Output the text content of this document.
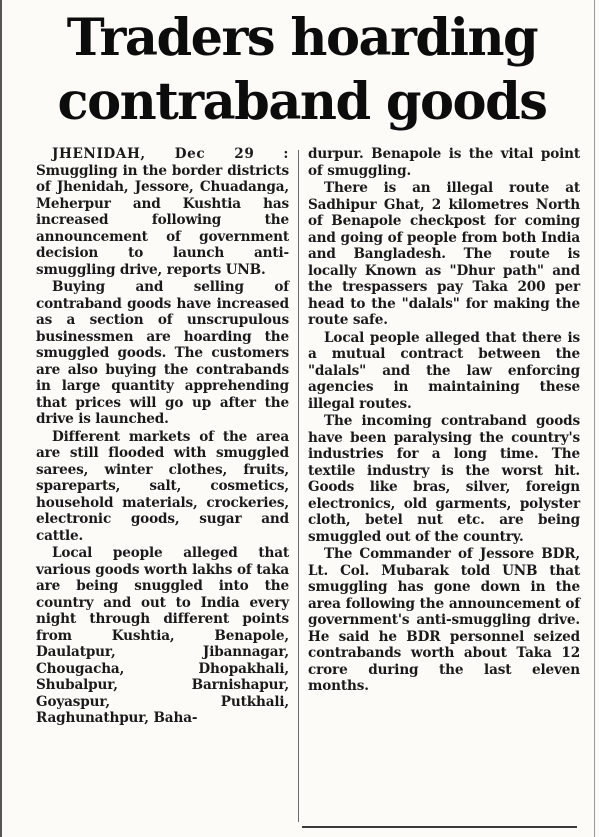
Traders hoarding
contraband goods

JHENIDAH, Dec 29 : Smuggling in the border districts of Jhenidah, Jessore, Chuadanga, Meherpur and Kushtia has increased following the announcement of government decision to launch anti-smuggling drive, reports UNB.

Buying and selling of contraband goods have increased as a section of unscrupulous businessmen are hoarding the smuggled goods. The customers are also buying the contrabands in large quantity apprehending that prices will go up after the drive is launched.

Different markets of the area are still flooded with smuggled sarees, winter clothes, fruits, spareparts, salt, cosmetics, household materials, crockeries, electronic goods, sugar and cattle.

Local people alleged that various goods worth lakhs of taka are being snuggled into the country and out to India every night through different points from Kushtia, Benapole, Daulatpur, Jibannagar, Chougacha, Dhopakhali, Shubalpur, Barnishapur, Goyaspur, Putkhali, Raghunathpur, Baha-

durpur. Benapole is the vital point of smuggling.

There is an illegal route at Sadhipur Ghat, 2 kilometres North of Benapole checkpost for coming and going of people from both India and Bangladesh. The route is locally Known as "Dhur path" and the trespassers pay Taka 200 per head to the "dalals" for making the route safe.

Local people alleged that there is a mutual contract between the "dalals" and the law enforcing agencies in maintaining these illegal routes.

The incoming contraband goods have been paralysing the country's industries for a long time. The textile industry is the worst hit. Goods like bras, silver, foreign electronics, old garments, polyster cloth, betel nut etc. are being smuggled out of the country.

The Commander of Jessore BDR, Lt. Col. Mubarak told UNB that smuggling has gone down in the area following the announcement of government's anti-smuggling drive. He said he BDR personnel seized contrabands worth about Taka 12 crore during the last eleven months.
